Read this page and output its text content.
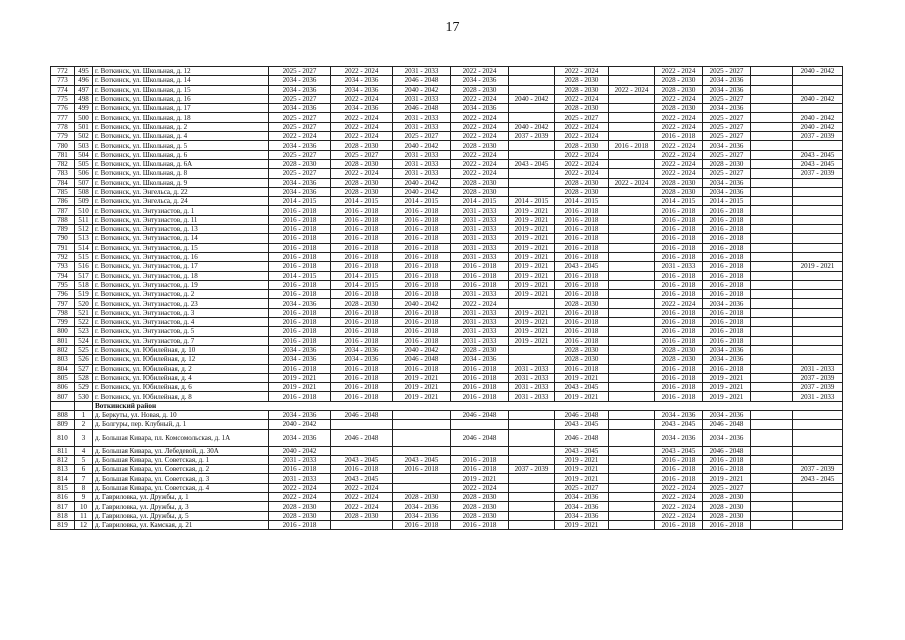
17
772	495	г. Воткинск, ул. Школьная, д. 12	2025 - 2027	2022 - 2024	2031 - 2033	2022 - 2024		2022 - 2024		2022 - 2024	2025 - 2027		2040 - 2042
773	496	г. Воткинск, ул. Школьная, д. 14	2034 - 2036	2034 - 2036	2046 - 2048	2034 - 2036		2028 - 2030		2028 - 2030	2034 - 2036		
774	497	г. Воткинск, ул. Школьная, д. 15	2034 - 2036	2034 - 2036	2040 - 2042	2028 - 2030		2028 - 2030	2022 - 2024	2028 - 2030	2034 - 2036		
775	498	г. Воткинск, ул. Школьная, д. 16	2025 - 2027	2022 - 2024	2031 - 2033	2022 - 2024	2040 - 2042	2022 - 2024		2022 - 2024	2025 - 2027		2040 - 2042
776	499	г. Воткинск, ул. Школьная, д. 17	2034 - 2036	2034 - 2036	2046 - 2048	2034 - 2036		2028 - 2030		2028 - 2030	2034 - 2036		
777	500	г. Воткинск, ул. Школьная, д. 18	2025 - 2027	2022 - 2024	2031 - 2033	2022 - 2024		2025 - 2027		2022 - 2024	2025 - 2027		2040 - 2042
778	501	г. Воткинск, ул. Школьная, д. 2	2025 - 2027	2022 - 2024	2031 - 2033	2022 - 2024	2040 - 2042	2022 - 2024		2022 - 2024	2025 - 2027		2040 - 2042
779	502	г. Воткинск, ул. Школьная, д. 4	2022 - 2024	2022 - 2024	2025 - 2027	2022 - 2024	2037 - 2039	2022 - 2024		2016 - 2018	2025 - 2027		2037 - 2039
780	503	г. Воткинск, ул. Школьная, д. 5	2034 - 2036	2028 - 2030	2040 - 2042	2028 - 2030		2028 - 2030	2016 - 2018	2022 - 2024	2034 - 2036		
781	504	г. Воткинск, ул. Школьная, д. 6	2025 - 2027	2025 - 2027	2031 - 2033	2022 - 2024		2022 - 2024		2022 - 2024	2025 - 2027		2043 - 2045
782	505	г. Воткинск, ул. Школьная, д. 6А	2028 - 2030	2028 - 2030	2031 - 2033	2022 - 2024	2043 - 2045	2022 - 2024		2022 - 2024	2028 - 2030		2043 - 2045
783	506	г. Воткинск, ул. Школьная, д. 8	2025 - 2027	2022 - 2024	2031 - 2033	2022 - 2024		2022 - 2024		2022 - 2024	2025 - 2027		2037 - 2039
784	507	г. Воткинск, ул. Школьная, д. 9	2034 - 2036	2028 - 2030	2040 - 2042	2028 - 2030		2028 - 2030	2022 - 2024	2028 - 2030	2034 - 2036		
785	508	г. Воткинск, ул. Энгельса, д. 22	2034 - 2036	2028 - 2030	2040 - 2042	2028 - 2030		2028 - 2030		2028 - 2030	2034 - 2036		
786	509	г. Воткинск, ул. Энгельса, д. 24	2014 - 2015	2014 - 2015	2014 - 2015	2014 - 2015	2014 - 2015	2014 - 2015		2014 - 2015	2014 - 2015		
787	510	г. Воткинск, ул. Энтузиастов, д. 1	2016 - 2018	2016 - 2018	2016 - 2018	2031 - 2033	2019 - 2021	2016 - 2018		2016 - 2018	2016 - 2018		
788	511	г. Воткинск, ул. Энтузиастов, д. 11	2016 - 2018	2016 - 2018	2016 - 2018	2031 - 2033	2019 - 2021	2016 - 2018		2016 - 2018	2016 - 2018		
789	512	г. Воткинск, ул. Энтузиастов, д. 13	2016 - 2018	2016 - 2018	2016 - 2018	2031 - 2033	2019 - 2021	2016 - 2018		2016 - 2018	2016 - 2018		
790	513	г. Воткинск, ул. Энтузиастов, д. 14	2016 - 2018	2016 - 2018	2016 - 2018	2031 - 2033	2019 - 2021	2016 - 2018		2016 - 2018	2016 - 2018		
791	514	г. Воткинск, ул. Энтузиастов, д. 15	2016 - 2018	2016 - 2018	2016 - 2018	2031 - 2033	2019 - 2021	2016 - 2018		2016 - 2018	2016 - 2018		
792	515	г. Воткинск, ул. Энтузиастов, д. 16	2016 - 2018	2016 - 2018	2016 - 2018	2031 - 2033	2019 - 2021	2016 - 2018		2016 - 2018	2016 - 2018		
793	516	г. Воткинск, ул. Энтузиастов, д. 17	2016 - 2018	2016 - 2018	2016 - 2018	2016 - 2018	2019 - 2021	2043 - 2045		2031 - 2033	2016 - 2018		2019 - 2021
794	517	г. Воткинск, ул. Энтузиастов, д. 18	2014 - 2015	2014 - 2015	2016 - 2018	2016 - 2018	2019 - 2021	2016 - 2018		2016 - 2018	2016 - 2018		
795	518	г. Воткинск, ул. Энтузиастов, д. 19	2016 - 2018	2014 - 2015	2016 - 2018	2016 - 2018	2019 - 2021	2016 - 2018		2016 - 2018	2016 - 2018		
796	519	г. Воткинск, ул. Энтузиастов, д. 2	2016 - 2018	2016 - 2018	2016 - 2018	2031 - 2033	2019 - 2021	2016 - 2018		2016 - 2018	2016 - 2018		
797	520	г. Воткинск, ул. Энтузиастов, д. 23	2034 - 2036	2028 - 2030	2040 - 2042	2022 - 2024		2028 - 2030		2022 - 2024	2034 - 2036		
798	521	г. Воткинск, ул. Энтузиастов, д. 3	2016 - 2018	2016 - 2018	2016 - 2018	2031 - 2033	2019 - 2021	2016 - 2018		2016 - 2018	2016 - 2018		
799	522	г. Воткинск, ул. Энтузиастов, д. 4	2016 - 2018	2016 - 2018	2016 - 2018	2031 - 2033	2019 - 2021	2016 - 2018		2016 - 2018	2016 - 2018		
800	523	г. Воткинск, ул. Энтузиастов, д. 5	2016 - 2018	2016 - 2018	2016 - 2018	2031 - 2033	2019 - 2021	2016 - 2018		2016 - 2018	2016 - 2018		
801	524	г. Воткинск, ул. Энтузиастов, д. 7	2016 - 2018	2016 - 2018	2016 - 2018	2031 - 2033	2019 - 2021	2016 - 2018		2016 - 2018	2016 - 2018		
802	525	г. Воткинск, ул. Юбилейная, д. 10	2034 - 2036	2034 - 2036	2040 - 2042	2028 - 2030		2028 - 2030		2028 - 2030	2034 - 2036		
803	526	г. Воткинск, ул. Юбилейная, д. 12	2034 - 2036	2034 - 2036	2046 - 2048	2034 - 2036		2028 - 2030		2028 - 2030	2034 - 2036		
804	527	г. Воткинск, ул. Юбилейная, д. 2	2016 - 2018	2016 - 2018	2016 - 2018	2016 - 2018	2031 - 2033	2016 - 2018		2016 - 2018	2016 - 2018		2031 - 2033
805	528	г. Воткинск, ул. Юбилейная, д. 4	2019 - 2021	2016 - 2018	2019 - 2021	2016 - 2018	2031 - 2033	2019 - 2021		2016 - 2018	2019 - 2021		2037 - 2039
806	529	г. Воткинск, ул. Юбилейная, д. 6	2019 - 2021	2016 - 2018	2019 - 2021	2016 - 2018	2031 - 2033	2043 - 2045		2016 - 2018	2019 - 2021		2037 - 2039
807	530	г. Воткинск, ул. Юбилейная, д. 8	2016 - 2018	2016 - 2018	2019 - 2021	2016 - 2018	2031 - 2033	2019 - 2021		2016 - 2018	2019 - 2021		2031 - 2033
		Воткинский район											
808	1	д. Беркуты, ул. Новая, д. 10	2034 - 2036	2046 - 2048		2046 - 2048		2046 - 2048		2034 - 2036	2034 - 2036		
809	2	д. Болгуры, пер. Клубный, д. 1	2040 - 2042					2043 - 2045		2043 - 2045	2046 - 2048		
810	3	д. Большая Кивара, пл. Комсомольская, д. 1А	2034 - 2036	2046 - 2048		2046 - 2048		2046 - 2048		2034 - 2036	2034 - 2036		
811	4	д. Большая Кивара, ул. Лебедевой, д. 30А	2040 - 2042					2043 - 2045		2043 - 2045	2046 - 2048		
812	5	д. Большая Кивара, ул. Советская, д. 1	2031 - 2033	2043 - 2045	2043 - 2045	2016 - 2018		2019 - 2021		2016 - 2018	2016 - 2018		
813	6	д. Большая Кивара, ул. Советская, д. 2	2016 - 2018	2016 - 2018	2016 - 2018	2016 - 2018	2037 - 2039	2019 - 2021		2016 - 2018	2016 - 2018		2037 - 2039
814	7	д. Большая Кивара, ул. Советская, д. 3	2031 - 2033	2043 - 2045		2019 - 2021		2019 - 2021		2016 - 2018	2019 - 2021		2043 - 2045
815	8	д. Большая Кивара, ул. Советская, д. 4	2022 - 2024	2022 - 2024		2022 - 2024		2025 - 2027		2022 - 2024	2025 - 2027		
816	9	д. Гавриловка, ул. Дружбы, д. 1	2022 - 2024	2022 - 2024	2028 - 2030	2028 - 2030		2034 - 2036		2022 - 2024	2028 - 2030		
817	10	д. Гавриловка, ул. Дружбы, д. 3	2028 - 2030	2022 - 2024	2034 - 2036	2028 - 2030		2034 - 2036		2022 - 2024	2028 - 2030		
818	11	д. Гавриловка, ул. Дружбы, д. 5	2028 - 2030	2028 - 2030	2034 - 2036	2028 - 2030		2034 - 2036		2022 - 2024	2028 - 2030		
819	12	д. Гавриловка, ул. Камская, д. 21	2016 - 2018		2016 - 2018	2016 - 2018		2019 - 2021		2016 - 2018	2016 - 2018		
